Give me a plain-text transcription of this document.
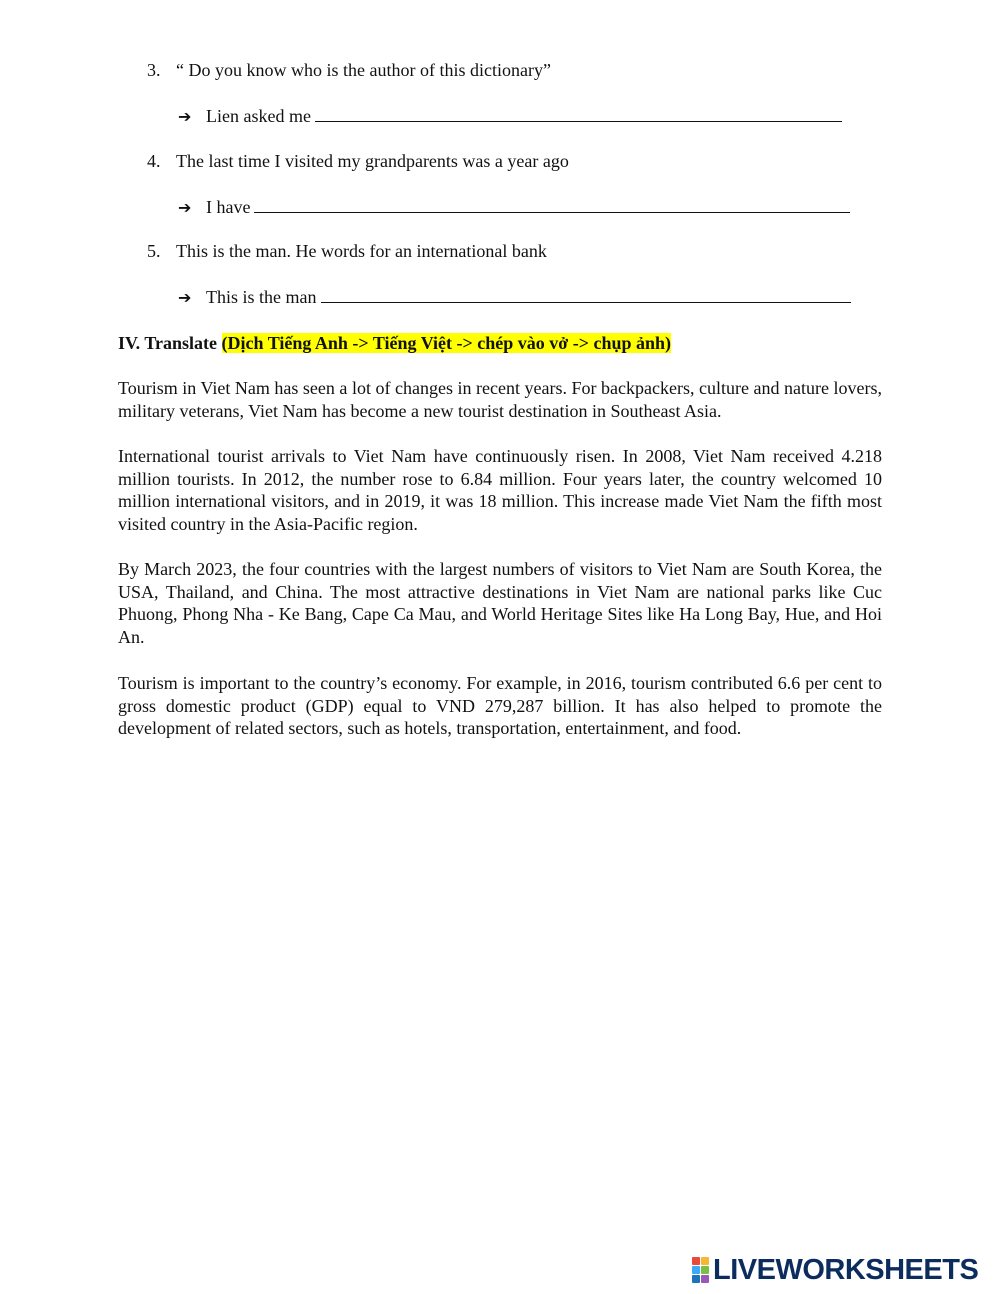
3. “ Do you know who is the author of this dictionary”
➔ Lien asked me
4. The last time I visited my grandparents was a year ago
➔ I have
5. This is the man. He words for an international bank
➔ This is the man
IV. Translate (Dịch Tiếng Anh -> Tiếng Việt -> chép vào vở -> chụp ảnh)
Tourism in Viet Nam has seen a lot of changes in recent years. For backpackers, culture and nature lovers, military veterans, Viet Nam has become a new tourist destination in Southeast Asia.
International tourist arrivals to Viet Nam have continuously risen. In 2008, Viet Nam received 4.218 million tourists. In 2012, the number rose to 6.84 million. Four years later, the country welcomed 10 million international visitors, and in 2019, it was 18 million. This increase made Viet Nam the fifth most visited country in the Asia-Pacific region.
By March 2023, the four countries with the largest numbers of visitors to Viet Nam are South Korea, the USA, Thailand, and China. The most attractive destinations in Viet Nam are national parks like Cuc Phuong, Phong Nha - Ke Bang, Cape Ca Mau, and World Heritage Sites like Ha Long Bay, Hue, and Hoi An.
Tourism is important to the country’s economy. For example, in 2016, tourism contributed 6.6 per cent to gross domestic product (GDP) equal to VND 279,287 billion. It has also helped to promote the development of related sectors, such as hotels, transportation, entertainment, and food.
LIVEWORKSHEETS
